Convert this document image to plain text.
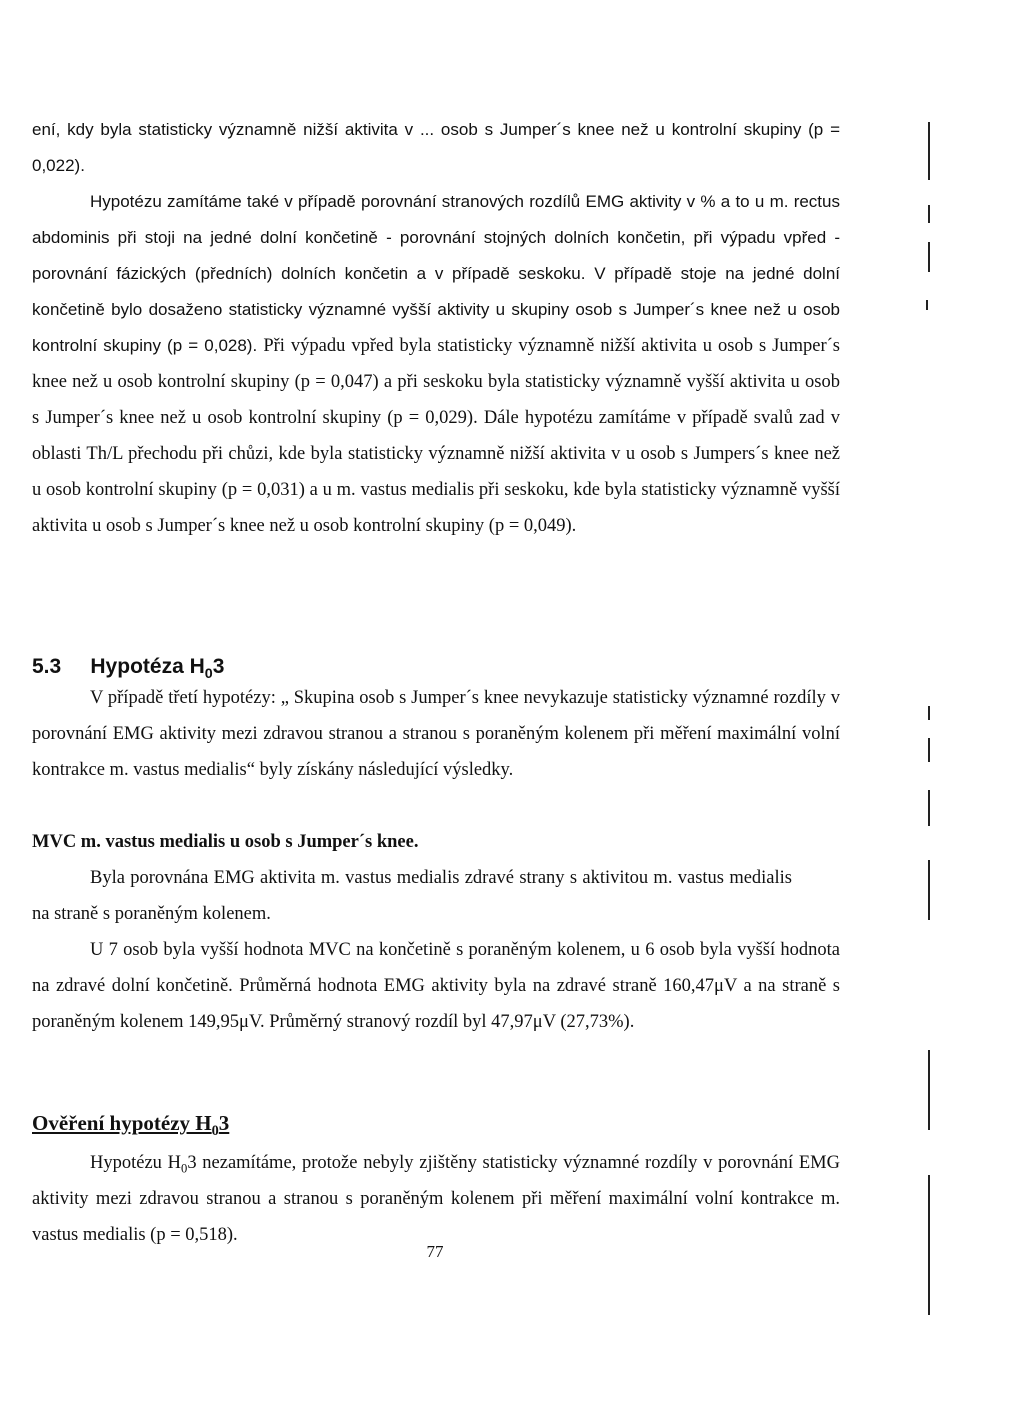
ení, kdy byla statisticky významně nižší aktivita v ... osob s Jumper´s knee než u kontrolní skupiny (p = 0,022).

Hypotézu zamítáme také v případě porovnání stranových rozdílů EMG aktivity v % a to u m. rectus abdominis při stoji na jedné dolní končetině - porovnání stojných dolních končetin, při výpadu vpřed - porovnání fázických (předních) dolních končetin a v případě seskoku. V případě stoje na jedné dolní končetině bylo dosaženo statisticky významné vyšší aktivity u skupiny osob s Jumper´s knee než u osob kontrolní skupiny (p = 0,028). Při výpadu vpřed byla statisticky významně nižší aktivita u osob s Jumper´s knee než u osob kontrolní skupiny (p = 0,047) a při seskoku byla statisticky významně vyšší aktivita u osob s Jumper´s knee než u osob kontrolní skupiny (p = 0,029). Dále hypotézu zamítáme v případě svalů zad v oblasti Th/L přechodu při chůzi, kde byla statisticky významně nižší aktivita v u osob s Jumpers´s knee než u osob kontrolní skupiny (p = 0,031) a u m. vastus medialis při seskoku, kde byla statisticky významně vyšší aktivita u osob s Jumper´s knee než u osob kontrolní skupiny (p = 0,049).

5.3 Hypotéza $H_03$

V případě třetí hypotézy: „ Skupina osob s Jumper´s knee nevykazuje statisticky významné rozdíly v porovnání EMG aktivity mezi zdravou stranou a stranou s poraněným kolenem při měření maximální volní kontrakce m. vastus medialis“ byly získány následující výsledky.

MVC m. vastus medialis u osob s Jumper´s knee.

Byla porovnána EMG aktivita m. vastus medialis zdravé strany s aktivitou m. vastus medialis na straně s poraněným kolenem.

U 7 osob byla vyšší hodnota MVC na končetině s poraněným kolenem, u 6 osob byla vyšší hodnota na zdravé dolní končetině. Průměrná hodnota EMG aktivity byla na zdravé straně 160,47μV a na straně s poraněným kolenem 149,95μV. Průměrný stranový rozdíl byl 47,97μV (27,73%).

Ověření hypotézy $H_03$

Hypotézu $H_03$ nezamítáme, protože nebyly zjištěny statisticky významné rozdíly v porovnání EMG aktivity mezi zdravou stranou a stranou s poraněným kolenem při měření maximální volní kontrakce m. vastus medialis (p = 0,518).

77
